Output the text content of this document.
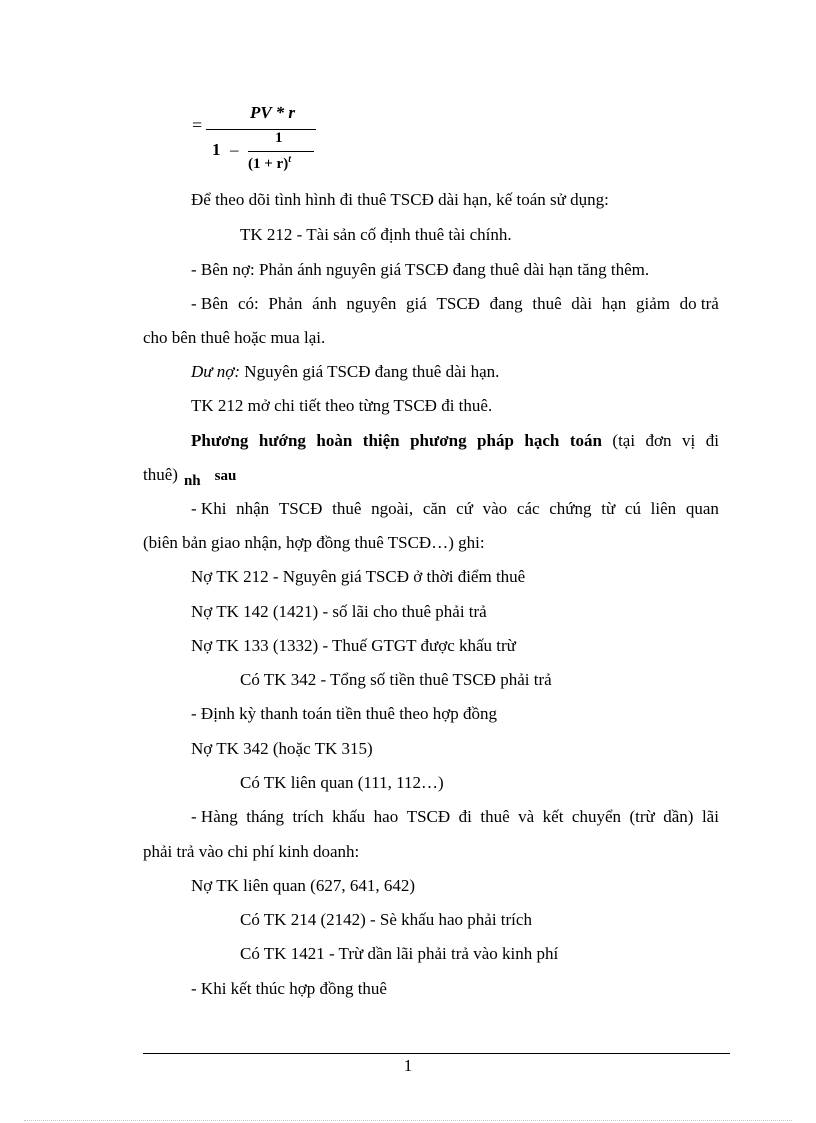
=
PV * r
1 –
1
$(1 + r)^t$
Để theo dõi tình hình đi thuê TSCĐ dài hạn, kế toán sử dụng:
TK 212 - Tài sản cố định thuê tài chính.
- Bên nợ: Phản ánh nguyên giá TSCĐ đang thuê dài hạn tăng thêm.
- Bên có: Phản ánh nguyên giá TSCĐ đang thuê dài hạn giảm do trả
cho bên thuê hoặc mua lại.
Dư nợ: Nguyên giá TSCĐ đang thuê dài hạn.
TK 212 mở chi tiết theo từng TSCĐ đi thuê.
Phương hướng hoàn thiện phương pháp hạch toán (tại đơn vị đi
thuê) nh sau
- Khi nhận TSCĐ thuê ngoài, căn cứ vào các chứng từ cú liên quan
(biên bản giao nhận, hợp đồng thuê TSCĐ…) ghi:
Nợ TK 212 - Nguyên giá TSCĐ ở thời điểm thuê
Nợ TK 142 (1421) - số lãi cho thuê phải trả
Nợ TK 133 (1332) - Thuế GTGT được khấu trừ
Có TK 342 - Tổng số tiền thuê TSCĐ phải trả
- Định kỳ thanh toán tiền thuê theo hợp đồng
Nợ TK 342 (hoặc TK 315)
Có TK liên quan (111, 112…)
- Hàng tháng trích khấu hao TSCĐ đi thuê và kết chuyển (trừ dần) lãi
phải trả vào chi phí kinh doanh:
Nợ TK liên quan (627, 641, 642)
Có TK 214 (2142) - Sè khấu hao phải trích
Có TK 1421 - Trừ dần lãi phải trả vào kinh phí
- Khi kết thúc hợp đồng thuê
1
